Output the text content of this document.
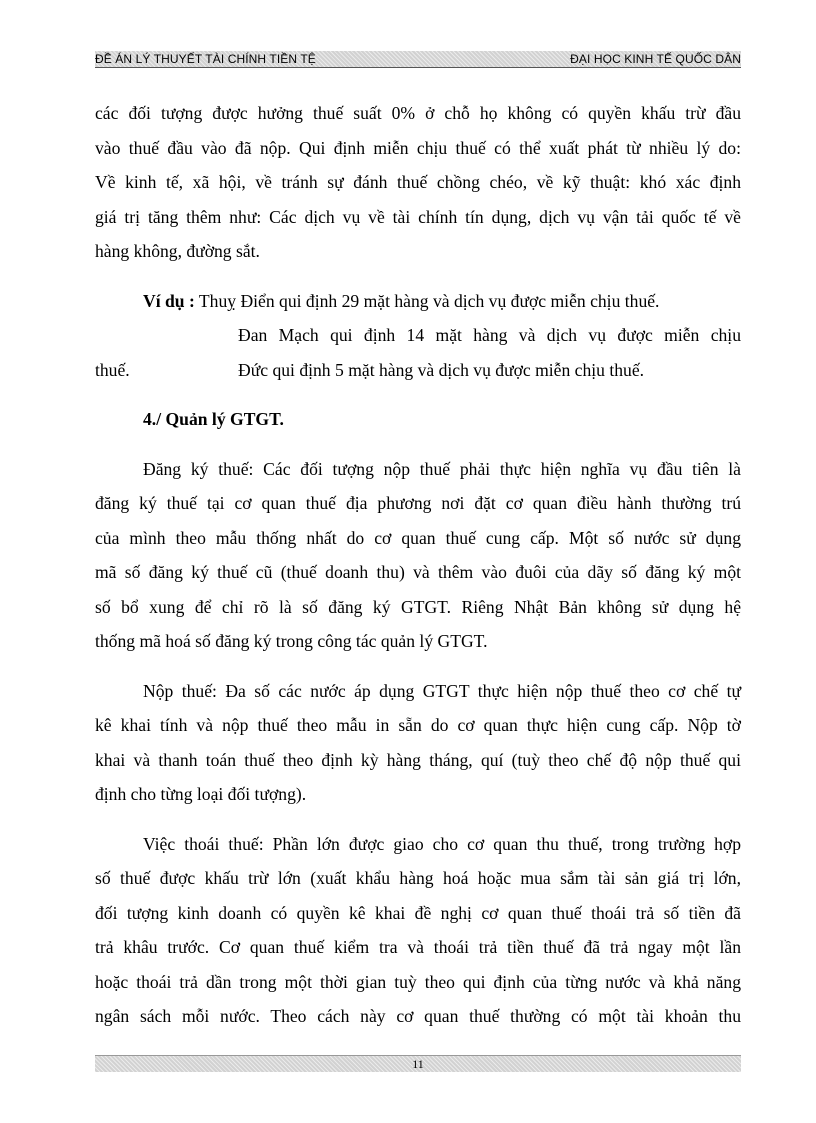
ĐỀ ÁN LÝ THUYẾT TÀI CHÍNH TIỀN TỆ	ĐẠI HỌC KINH TẾ QUỐC DÂN
các đối tượng được hưởng thuế suất 0% ở chỗ họ không có quyền khấu trừ đầu
vào thuế đầu vào đã nộp. Qui định miễn chịu thuế có thể xuất phát từ nhiều lý do:
Về kinh tế, xã hội, về tránh sự đánh thuế chồng chéo, về kỹ thuật: khó xác định
giá trị tăng thêm như: Các dịch vụ về tài chính tín dụng, dịch vụ vận tải quốc tế về
hàng không, đường sắt.
Ví dụ : Thuỵ Điển qui định 29 mặt hàng và dịch vụ được miễn chịu thuế.
Đan Mạch qui định 14 mặt hàng và dịch vụ được miễn chịu
thuế.	Đức qui định 5 mặt hàng và dịch vụ được miễn chịu thuế.
4./ Quản lý GTGT.
Đăng ký thuế: Các đối tượng nộp thuế phải thực hiện nghĩa vụ đầu tiên là
đăng ký thuế tại cơ quan thuế địa phương nơi đặt cơ quan điều hành thường trú
của mình theo mẫu thống nhất do cơ quan thuế cung cấp. Một số nước sử dụng
mã số đăng ký thuế cũ (thuế doanh thu) và thêm vào đuôi của dãy số đăng ký một
số bổ xung để chỉ rõ là số đăng ký GTGT. Riêng Nhật Bản không sử dụng hệ
thống mã hoá số đăng ký trong công tác quản lý GTGT.
Nộp thuế: Đa số các nước áp dụng GTGT thực hiện nộp thuế theo cơ chế tự
kê khai tính và nộp thuế theo mẫu in sẵn do cơ quan thực hiện cung cấp. Nộp tờ
khai và thanh toán thuế theo định kỳ hàng tháng, quí (tuỳ theo chế độ nộp thuế qui
định cho từng loại đối tượng).
Việc thoái thuế: Phần lớn được giao cho cơ quan thu thuế, trong trường hợp
số thuế được khấu trừ lớn (xuất khẩu hàng hoá hoặc mua sắm tài sản giá trị lớn,
đối tượng kinh doanh có quyền kê khai đề nghị cơ quan thuế thoái trả số tiền đã
trả khâu trước. Cơ quan thuế kiểm tra và thoái trả tiền thuế đã trả ngay một lần
hoặc thoái trả dần trong một thời gian tuỳ theo qui định của từng nước và khả năng
ngân sách mỗi nước. Theo cách này cơ quan thuế thường có một tài khoản thu
11
